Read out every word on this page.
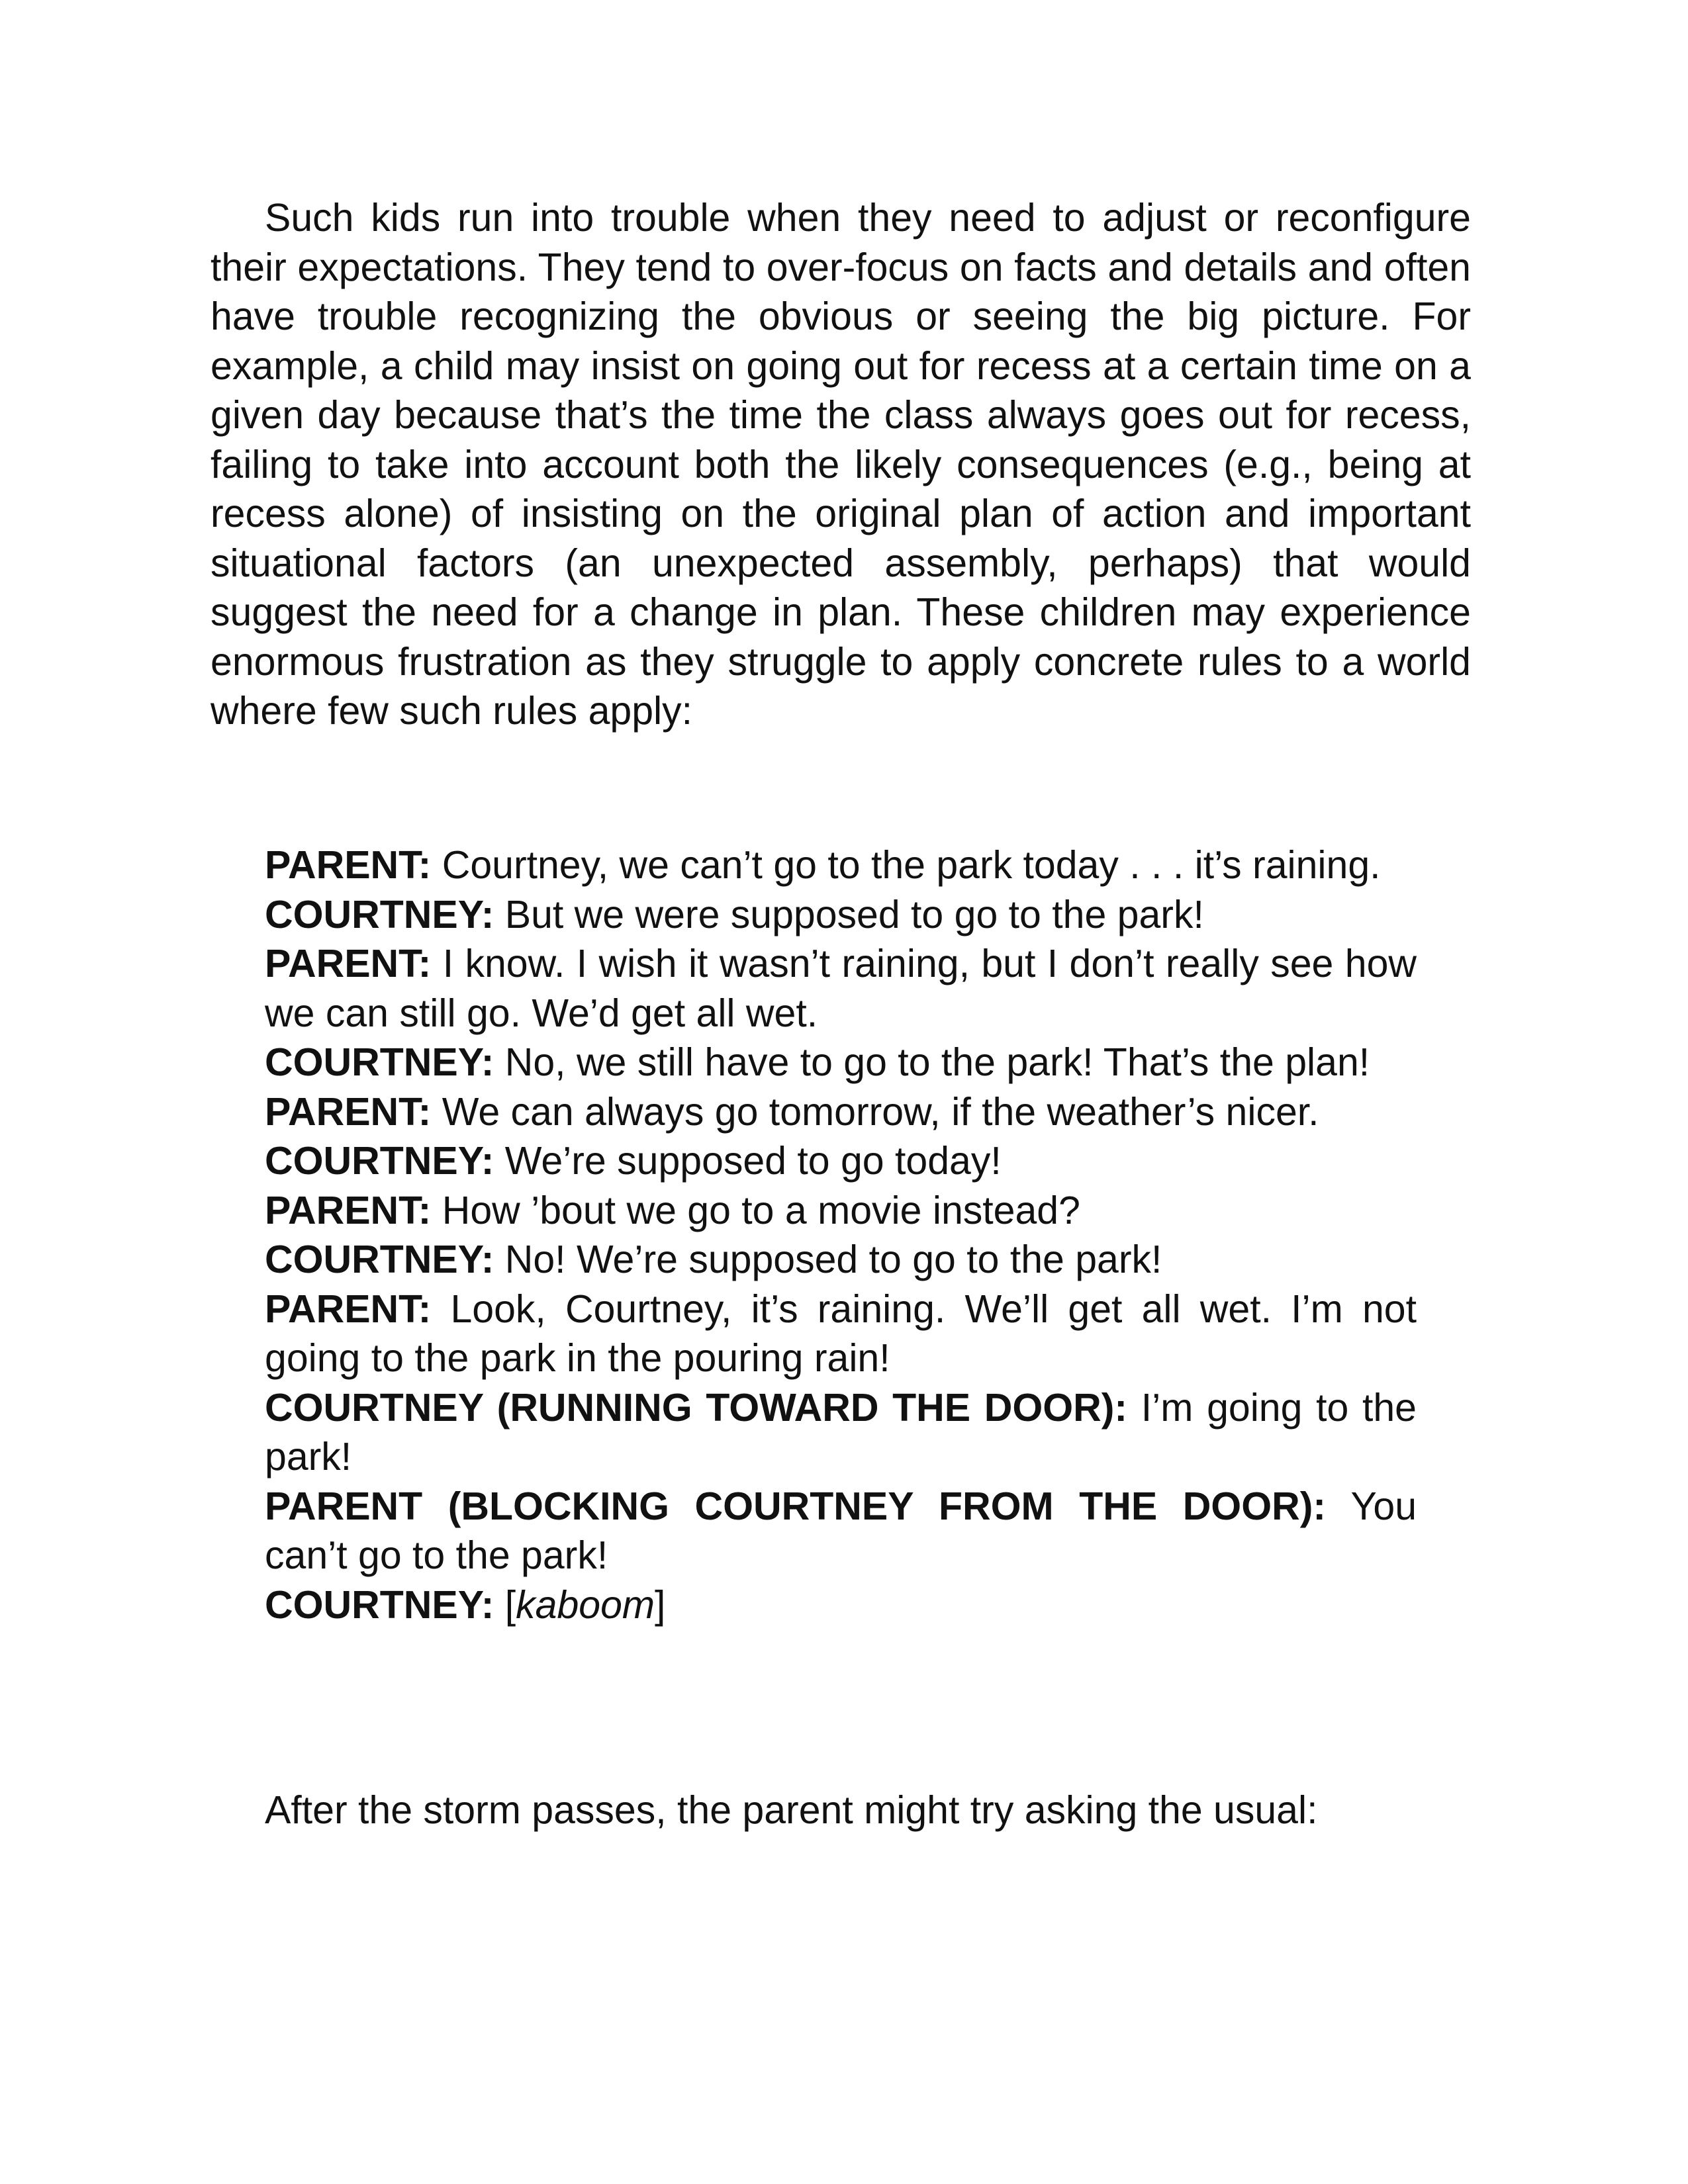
Such kids run into trouble when they need to adjust or reconfigure their expectations. They tend to over-focus on facts and details and often have trouble recognizing the obvious or seeing the big picture. For example, a child may insist on going out for recess at a certain time on a given day because that’s the time the class always goes out for recess, failing to take into account both the likely consequences (e.g., being at recess alone) of insisting on the original plan of action and important situational factors (an unexpected assembly, perhaps) that would suggest the need for a change in plan. These children may experience enormous frustration as they struggle to apply concrete rules to a world where few such rules apply:

PARENT: Courtney, we can’t go to the park today . . . it’s raining.

COURTNEY: But we were supposed to go to the park!

PARENT: I know. I wish it wasn’t raining, but I don’t really see how we can still go. We’d get all wet.

COURTNEY: No, we still have to go to the park! That’s the plan!

PARENT: We can always go tomorrow, if the weather’s nicer.

COURTNEY: We’re supposed to go today!

PARENT: How ’bout we go to a movie instead?

COURTNEY: No! We’re supposed to go to the park!

PARENT: Look, Courtney, it’s raining. We’ll get all wet. I’m not going to the park in the pouring rain!

COURTNEY (RUNNING TOWARD THE DOOR): I’m going to the park!

PARENT (BLOCKING COURTNEY FROM THE DOOR): You can’t go to the park!

COURTNEY: [kaboom]

After the storm passes, the parent might try asking the usual:
